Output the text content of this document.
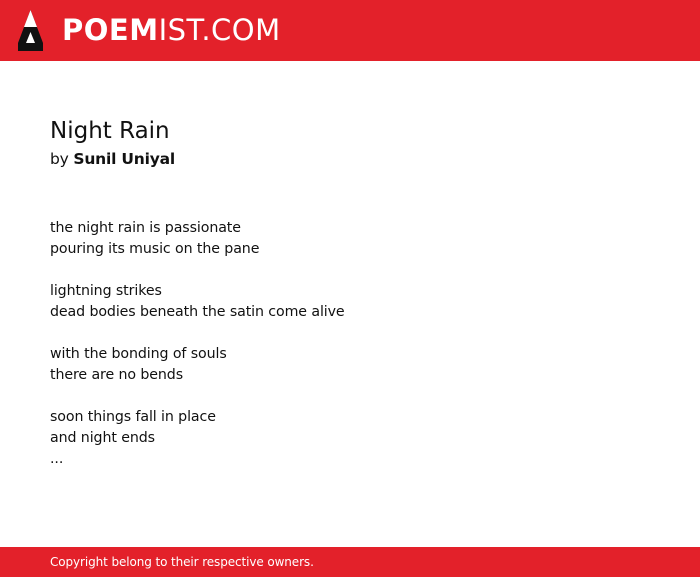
POEMIST.COM
Night Rain
by Sunil Uniyal
the night rain is passionate
pouring its music on the pane
lightning strikes
dead bodies beneath the satin come alive
with the bonding of souls
there are no bends
soon things fall in place
and night ends
...
Copyright belong to their respective owners.
